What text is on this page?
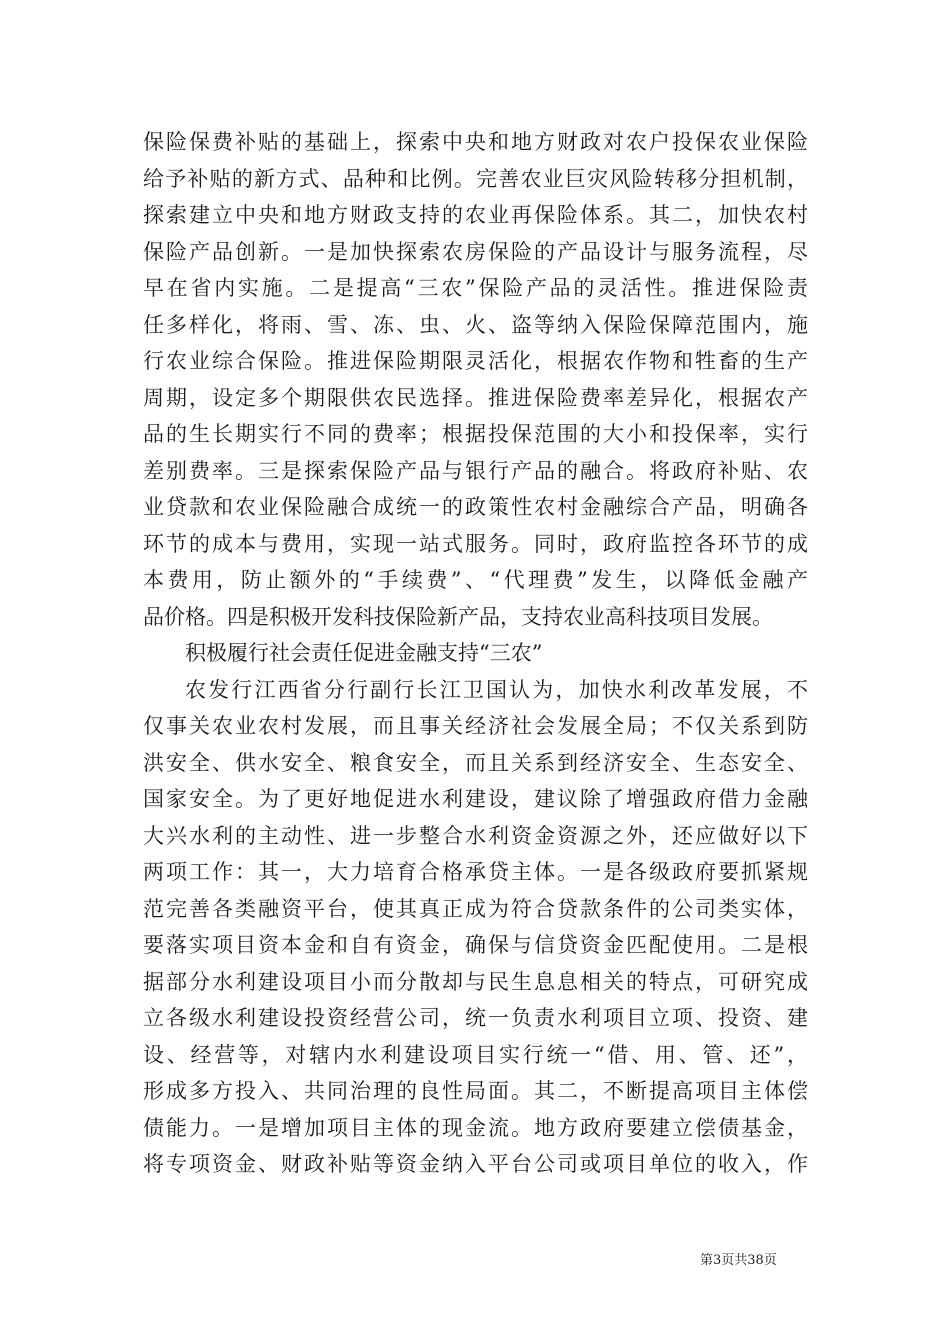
保险保费补贴的基础上，探索中央和地方财政对农户投保农业保险
给予补贴的新方式、品种和比例。完善农业巨灾风险转移分担机制，
探索建立中央和地方财政支持的农业再保险体系。其二，加快农村
保险产品创新。一是加快探索农房保险的产品设计与服务流程，尽
早在省内实施。二是提高“三农”保险产品的灵活性。推进保险责
任多样化，将雨、雪、冻、虫、火、盗等纳入保险保障范围内，施
行农业综合保险。推进保险期限灵活化，根据农作物和牲畜的生产
周期，设定多个期限供农民选择。推进保险费率差异化，根据农产
品的生长期实行不同的费率；根据投保范围的大小和投保率，实行
差别费率。三是探索保险产品与银行产品的融合。将政府补贴、农
业贷款和农业保险融合成统一的政策性农村金融综合产品，明确各
环节的成本与费用，实现一站式服务。同时，政府监控各环节的成
本费用，防止额外的“手续费”、“代理费”发生，以降低金融产
品价格。四是积极开发科技保险新产品，支持农业高科技项目发展。
积极履行社会责任促进金融支持“三农”
农发行江西省分行副行长江卫国认为，加快水利改革发展，不
仅事关农业农村发展，而且事关经济社会发展全局；不仅关系到防
洪安全、供水安全、粮食安全，而且关系到经济安全、生态安全、
国家安全。为了更好地促进水利建设，建议除了增强政府借力金融
大兴水利的主动性、进一步整合水利资金资源之外，还应做好以下
两项工作：其一，大力培育合格承贷主体。一是各级政府要抓紧规
范完善各类融资平台，使其真正成为符合贷款条件的公司类实体，
要落实项目资本金和自有资金，确保与信贷资金匹配使用。二是根
据部分水利建设项目小而分散却与民生息息相关的特点，可研究成
立各级水利建设投资经营公司，统一负责水利项目立项、投资、建
设、经营等，对辖内水利建设项目实行统一“借、用、管、还”，
形成多方投入、共同治理的良性局面。其二，不断提高项目主体偿
债能力。一是增加项目主体的现金流。地方政府要建立偿债基金，
将专项资金、财政补贴等资金纳入平台公司或项目单位的收入，作
第3页共38页
